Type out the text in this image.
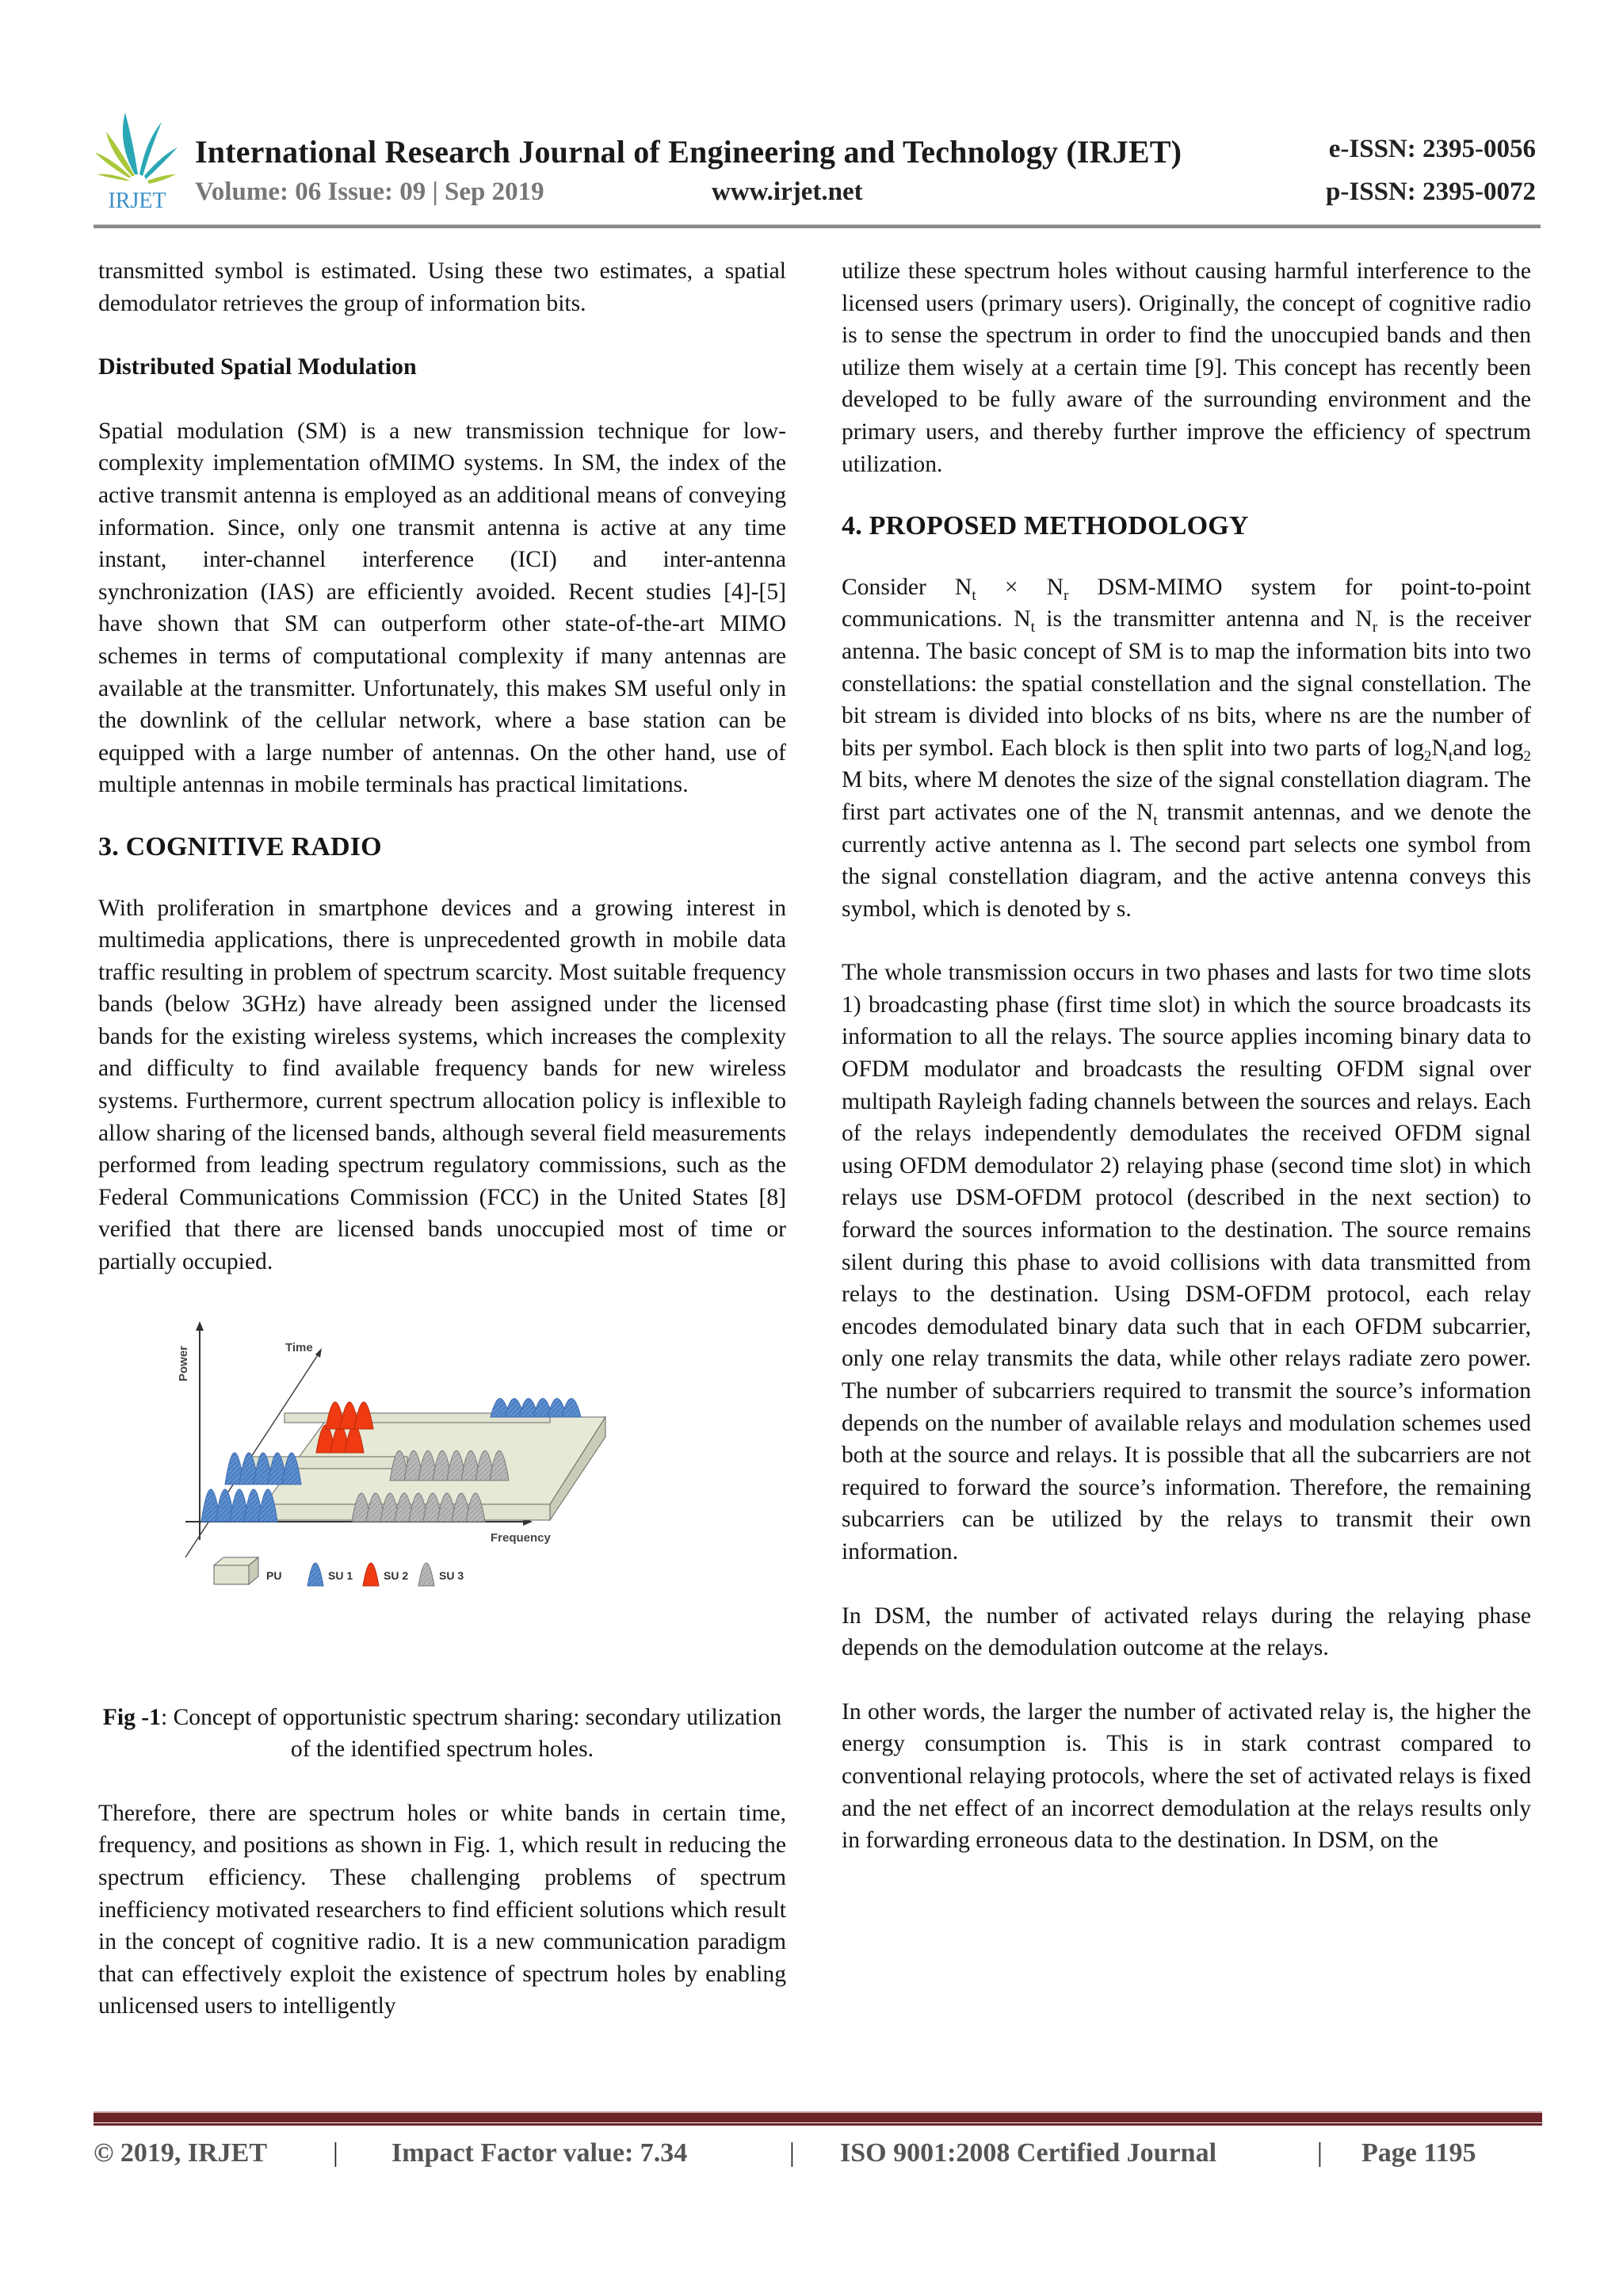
IRJET
International Research Journal of Engineering and Technology (IRJET)
Volume: 06 Issue: 09 | Sep 2019	www.irjet.net
e-ISSN: 2395-0056
p-ISSN: 2395-0072

transmitted symbol is estimated. Using these two estimates, a spatial demodulator retrieves the group of information bits.

Distributed Spatial Modulation

Spatial modulation (SM) is a new transmission technique for low-complexity implementation ofMIMO systems. In SM, the index of the active transmit antenna is employed as an additional means of conveying information. Since, only one transmit antenna is active at any time instant, inter-channel interference (ICI) and inter-antenna synchronization (IAS) are efficiently avoided. Recent studies [4]-[5] have shown that SM can outperform other state-of-the-art MIMO schemes in terms of computational complexity if many antennas are available at the transmitter. Unfortunately, this makes SM useful only in the downlink of the cellular network, where a base station can be equipped with a large number of antennas. On the other hand, use of multiple antennas in mobile terminals has practical limitations.

3. COGNITIVE RADIO

With proliferation in smartphone devices and a growing interest in multimedia applications, there is unprecedented growth in mobile data traffic resulting in problem of spectrum scarcity. Most suitable frequency bands (below 3GHz) have already been assigned under the licensed bands for the existing wireless systems, which increases the complexity and difficulty to find available frequency bands for new wireless systems. Furthermore, current spectrum allocation policy is inflexible to allow sharing of the licensed bands, although several field measurements performed from leading spectrum regulatory commissions, such as the Federal Communications Commission (FCC) in the United States [8] verified that there are licensed bands unoccupied most of time or partially occupied.

Power	Time
Frequency
PU	SU 1	SU 2	SU 3

Fig -1: Concept of opportunistic spectrum sharing: secondary utilization of the identified spectrum holes.

Therefore, there are spectrum holes or white bands in certain time, frequency, and positions as shown in Fig. 1, which result in reducing the spectrum efficiency. These challenging problems of spectrum inefficiency motivated researchers to find efficient solutions which result in the concept of cognitive radio. It is a new communication paradigm that can effectively exploit the existence of spectrum holes by enabling unlicensed users to intelligently

utilize these spectrum holes without causing harmful interference to the licensed users (primary users). Originally, the concept of cognitive radio is to sense the spectrum in order to find the unoccupied bands and then utilize them wisely at a certain time [9]. This concept has recently been developed to be fully aware of the surrounding environment and the primary users, and thereby further improve the efficiency of spectrum utilization.

4. PROPOSED METHODOLOGY

Consider $N_t \times N_r$ DSM-MIMO system for point-to-point communications. $N_t$ is the transmitter antenna and $N_r$ is the receiver antenna. The basic concept of SM is to map the information bits into two constellations: the spatial constellation and the signal constellation. The bit stream is divided into blocks of ns bits, where ns are the number of bits per symbol. Each block is then split into two parts of $\log_2N_tand$ $\log_2 M$ bits, where M denotes the size of the signal constellation diagram. The first part activates one of the $N_t$ transmit antennas, and we denote the currently active antenna as l. The second part selects one symbol from the signal constellation diagram, and the active antenna conveys this symbol, which is denoted by s.

The whole transmission occurs in two phases and lasts for two time slots 1) broadcasting phase (first time slot) in which the source broadcasts its information to all the relays. The source applies incoming binary data to OFDM modulator and broadcasts the resulting OFDM signal over multipath Rayleigh fading channels between the sources and relays. Each of the relays independently demodulates the received OFDM signal using OFDM demodulator 2) relaying phase (second time slot) in which relays use DSM-OFDM protocol (described in the next section) to forward the sources information to the destination. The source remains silent during this phase to avoid collisions with data transmitted from relays to the destination. Using DSM-OFDM protocol, each relay encodes demodulated binary data such that in each OFDM subcarrier, only one relay transmits the data, while other relays radiate zero power. The number of subcarriers required to transmit the source’s information depends on the number of available relays and modulation schemes used both at the source and relays. It is possible that all the subcarriers are not required to forward the source’s information. Therefore, the remaining subcarriers can be utilized by the relays to transmit their own information.

In DSM, the number of activated relays during the relaying phase depends on the demodulation outcome at the relays.

In other words, the larger the number of activated relay is, the higher the energy consumption is. This is in stark contrast compared to conventional relaying protocols, where the set of activated relays is fixed and the net effect of an incorrect demodulation at the relays results only in forwarding erroneous data to the destination. In DSM, on the

© 2019, IRJET | Impact Factor value: 7.34	| ISO 9001:2008 Certified Journal	| Page 1195
